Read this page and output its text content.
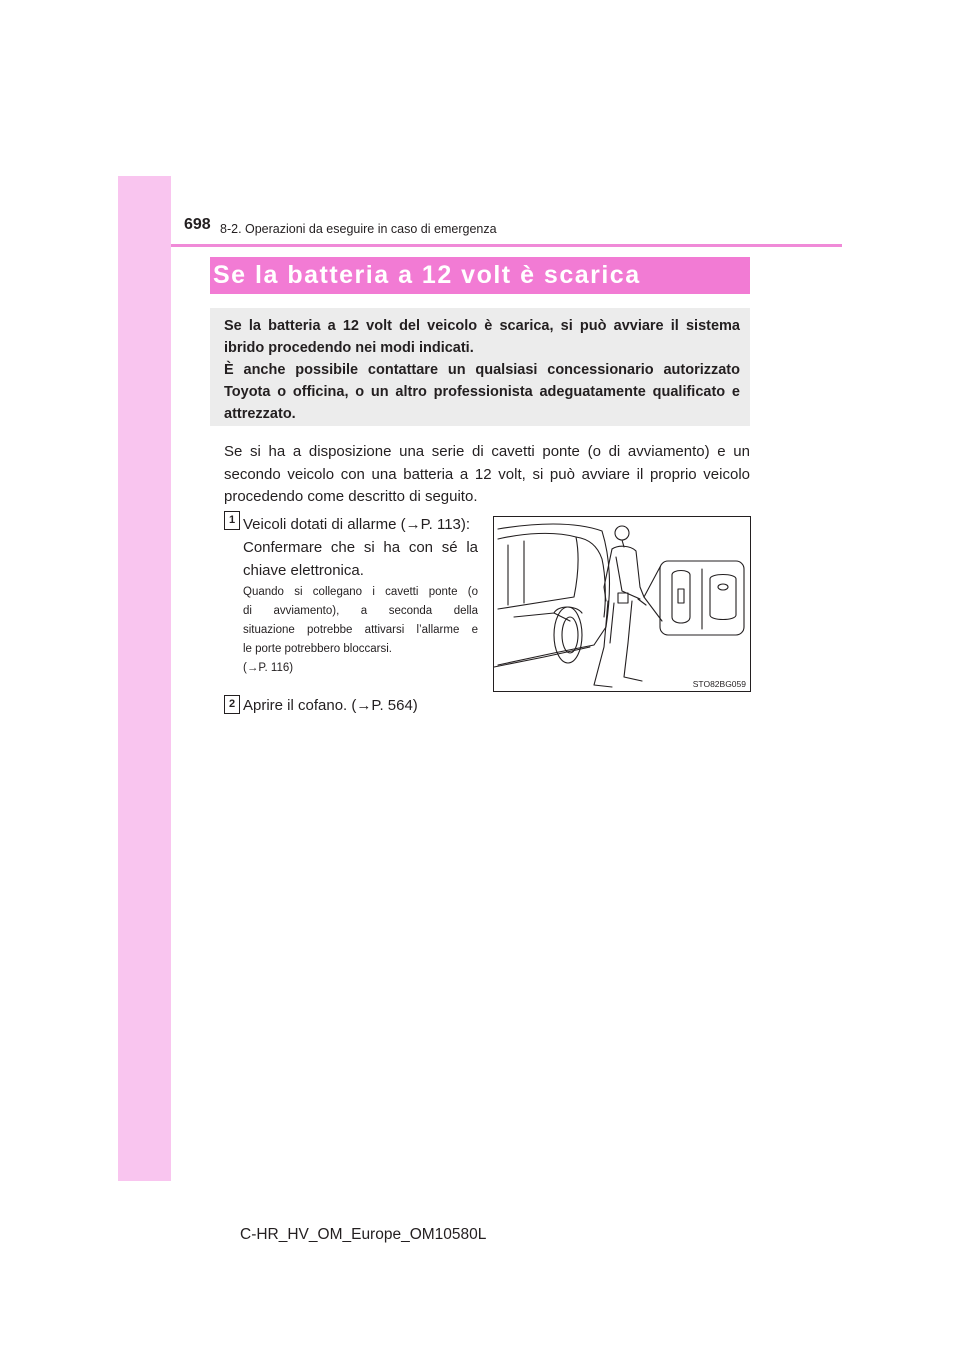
698 8-2. Operazioni da eseguire in caso di emergenza
Se la batteria a 12 volt è scarica

Se la batteria a 12 volt del veicolo è scarica, si può avviare il sistema

ibrido procedendo nei modi indicati.

È anche possibile contattare un qualsiasi concessionario autorizzato

Toyota o officina, o un altro professionista adeguatamente qualificato e

attrezzato.

Se si ha a disposizione una serie di cavetti ponte (o di avviamento) e un

secondo veicolo con una batteria a 12 volt, si può avviare il proprio veicolo

procedendo come descritto di seguito.

1 Veicoli dotati di allarme (→P. 113):

Confermare che si ha con sé la

chiave elettronica.

Quando si collegano i cavetti ponte (o

di avviamento), a seconda della

situazione potrebbe attivarsi l’allarme e

le porte potrebbero bloccarsi.

(→P. 116)

STO82BG059
2 Aprire il cofano. (→P. 564)
C-HR_HV_OM_Europe_OM10580L
